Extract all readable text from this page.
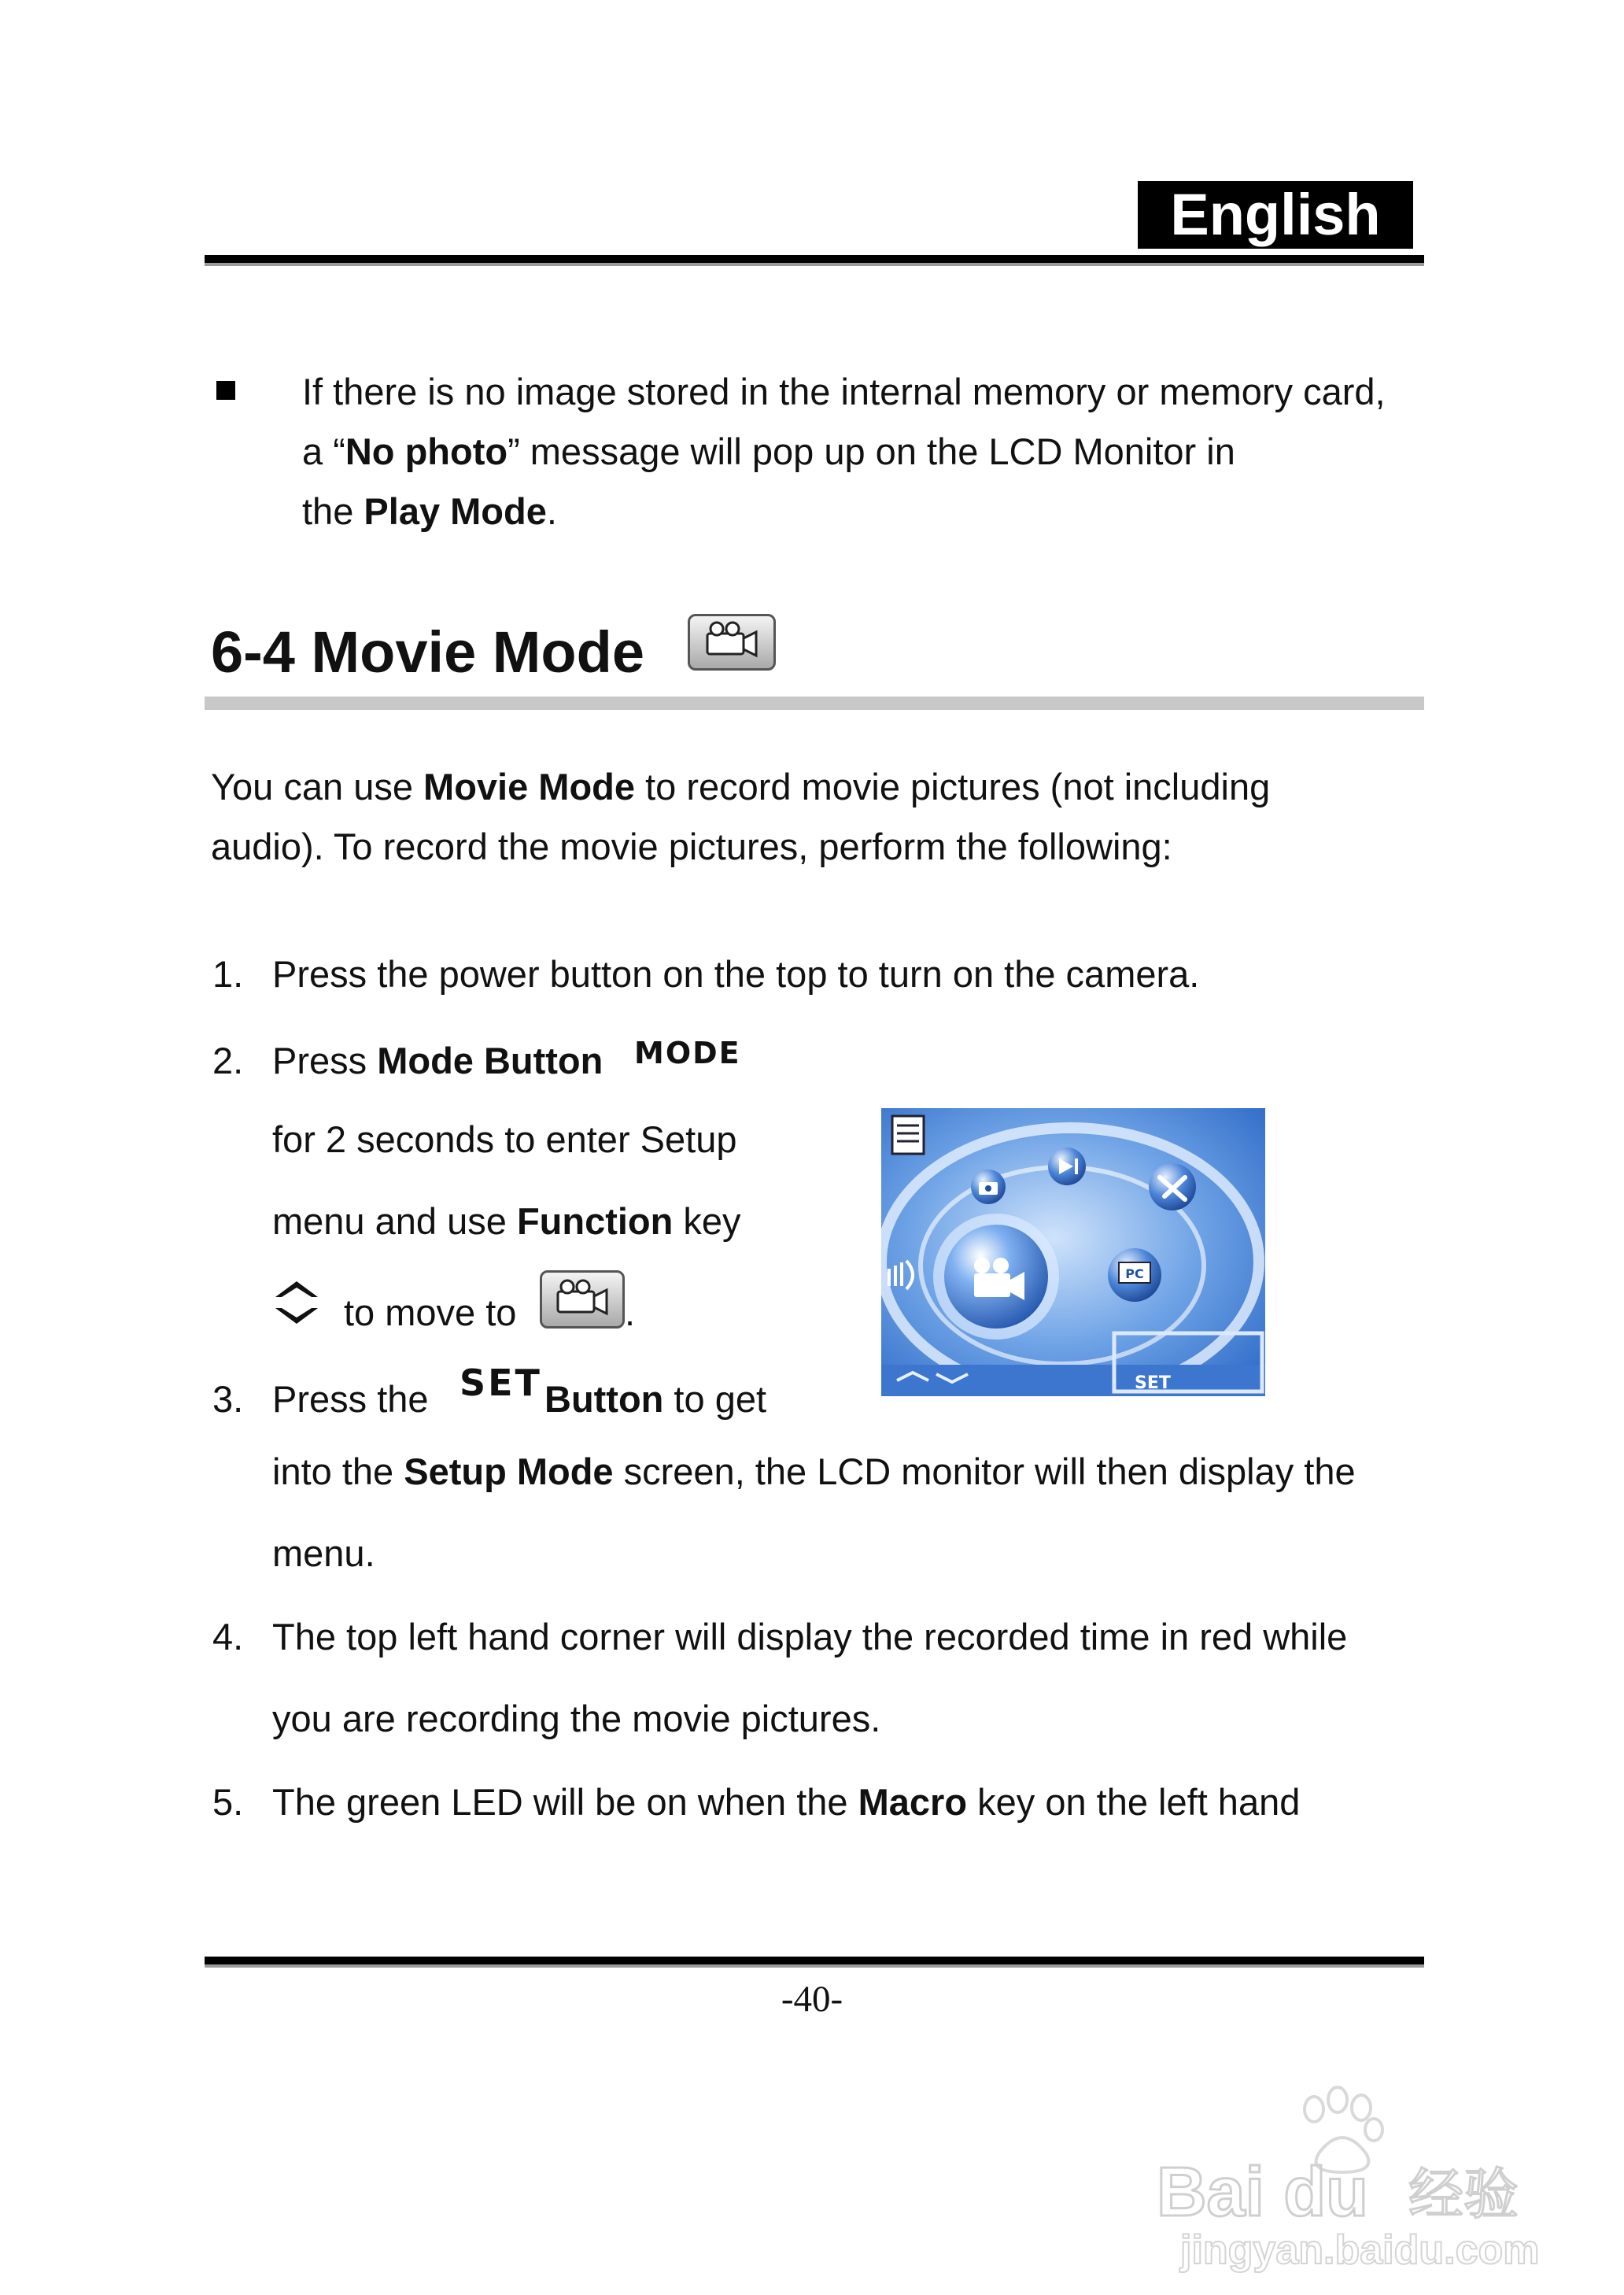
English
If there is no image stored in the internal memory or memory card,
a “No photo” message will pop up on the LCD Monitor in
the Play Mode.
6-4 Movie Mode
You can use Movie Mode to record movie pictures (not including
audio). To record the movie pictures, perform the following:
1. Press the power button on the top to turn on the camera.
2. Press Mode Button MODE
for 2 seconds to enter Setup
menu and use Function key
to move to	.
PC
SET
3. Press the SET Button to get
into the Setup Mode screen, the LCD monitor will then display the
menu.
4. The top left hand corner will display the recorded time in red while
you are recording the movie pictures.
5. The green LED will be on when the Macro key on the left hand
-40-
Bai du 经验
jingyan.baidu.com
